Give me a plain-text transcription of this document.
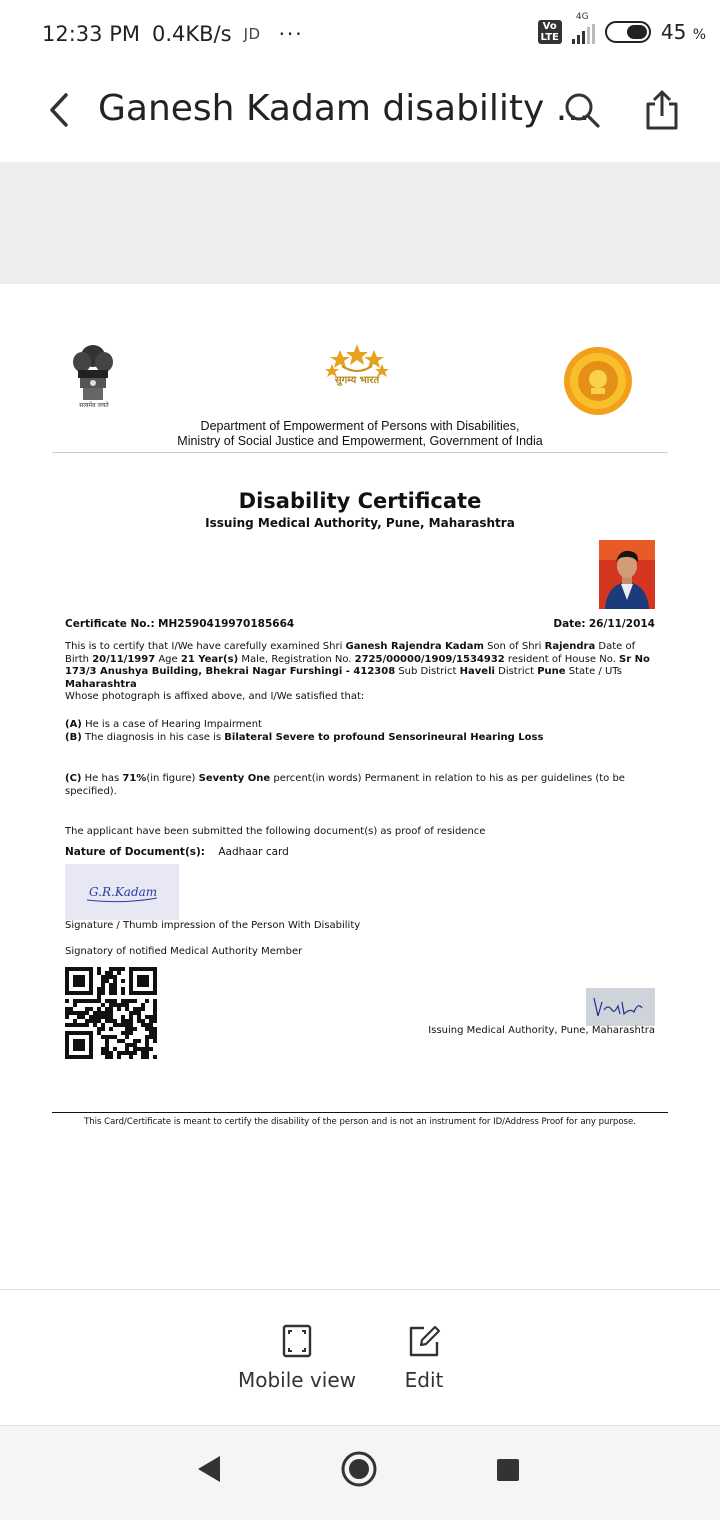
12:33 PM 0.4KB/s JD ···	Vo
LTE
4G
45 %
Ganesh Kadam disability ...
सत्यमेव जयते
सुगम्य भारत
Department of Empowerment of Persons with Disabilities,
Ministry of Social Justice and Empowerment, Government of India
Disability Certificate
Issuing Medical Authority, Pune, Maharashtra
Certificate No.: MH2590419970185664	Date: 26/11/2014
This is to certify that I/We have carefully examined Shri Ganesh Rajendra Kadam Son of Shri Rajendra Date of Birth 20/11/1997 Age 21 Year(s) Male, Registration No. 2725/00000/1909/1534932 resident of House No. Sr No 173/3 Anushya Building, Bhekrai Nagar Furshingi - 412308 Sub District Haveli District Pune State / UTs Maharashtra
Whose photograph is affixed above, and I/We satisfied that:
(A) He is a case of Hearing Impairment
(B) The diagnosis in his case is Bilateral Severe to profound Sensorineural Hearing Loss
(C) He has 71%(in figure) Seventy One percent(in words) Permanent in relation to his as per guidelines (to be specified).
The applicant have been submitted the following document(s) as proof of residence
Nature of Document(s): Aadhaar card
G.R.Kadam
Signature / Thumb impression of the Person With Disability
Signatory of notified Medical Authority Member
Issuing Medical Authority, Pune, Maharashtra
This Card/Certificate is meant to certify the disability of the person and is not an instrument for ID/Address Proof for any purpose.
Mobile view	Edit
